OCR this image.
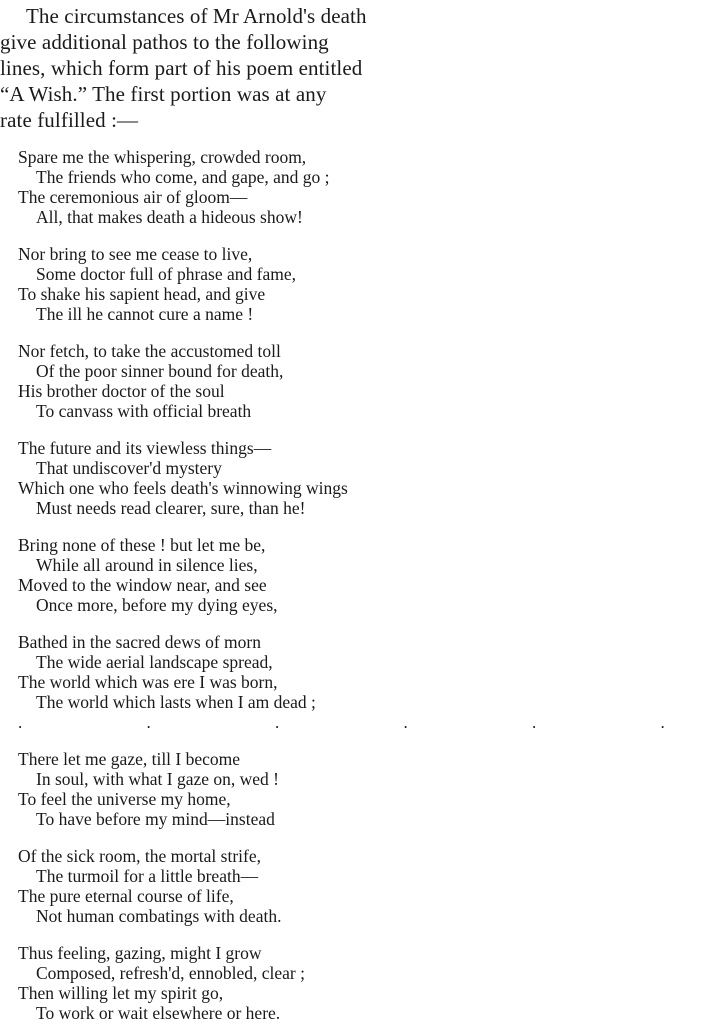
The circumstances of Mr Arnold's death
give additional pathos to the following
lines, which form part of his poem entitled
“A Wish.” The first portion was at any
rate fulfilled :—
Spare me the whispering, crowded room,
The friends who come, and gape, and go ;
The ceremonious air of gloom—
All, that makes death a hideous show!
Nor bring to see me cease to live,
Some doctor full of phrase and fame,
To shake his sapient head, and give
The ill he cannot cure a name !
Nor fetch, to take the accustomed toll
Of the poor sinner bound for death,
His brother doctor of the soul
To canvass with official breath
The future and its viewless things—
That undiscover'd mystery
Which one who feels death's winnowing wings
Must needs read clearer, sure, than he!
Bring none of these ! but let me be,
While all around in silence lies,
Moved to the window near, and see
Once more, before my dying eyes,
Bathed in the sacred dews of morn
The wide aerial landscape spread,
The world which was ere I was born,
The world which lasts when I am dead ;
. . . . . .
There let me gaze, till I become
In soul, with what I gaze on, wed !
To feel the universe my home,
To have before my mind—instead
Of the sick room, the mortal strife,
The turmoil for a little breath—
The pure eternal course of life,
Not human combatings with death.
Thus feeling, gazing, might I grow
Composed, refresh'd, ennobled, clear ;
Then willing let my spirit go,
To work or wait elsewhere or here.
